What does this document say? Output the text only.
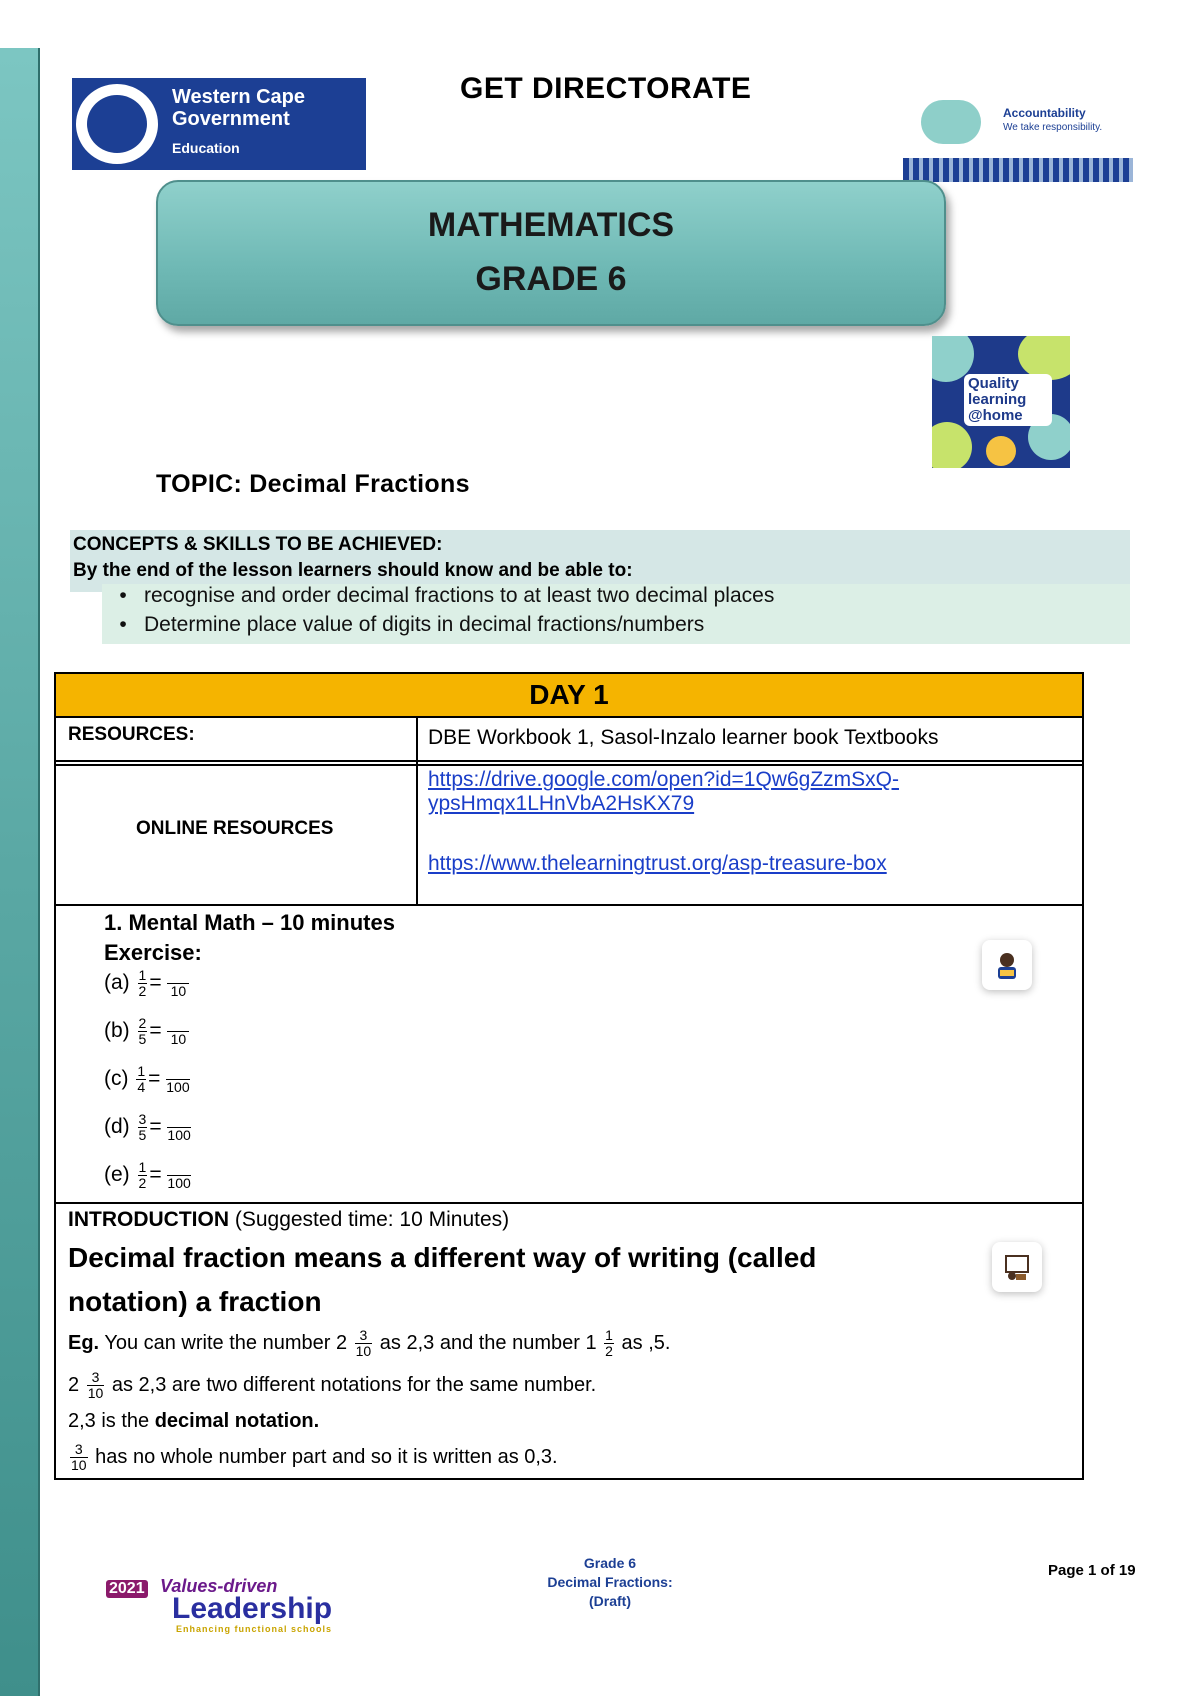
Western Cape
Government
Education
GET DIRECTORATE
Accountability
We take responsibility.
MATHEMATICS
GRADE 6
Quality learning @home
TOPIC: Decimal Fractions
CONCEPTS & SKILLS TO BE ACHIEVED:
By the end of the lesson learners should know and be able to:
• recognise and order decimal fractions to at least two decimal places
• Determine place value of digits in decimal fractions/numbers
DAY 1
RESOURCES:	DBE Workbook 1, Sasol-Inzalo learner book Textbooks
ONLINE RESOURCES
https://drive.google.com/open?id=1Qw6gZzmSxQ-
ypsHmqx1LHnVbA2HsKX79
https://www.thelearningtrust.org/asp-treasure-box
1. Mental Math – 10 minutes
Exercise:
$(a) \frac{1}{2} = 10$
$(b) \frac{2}{5} = 10$
$(c) \frac{1}{4} = 100$
$(d) \frac{3}{5} = 100$
$(e) \frac{1}{2} = 100$
INTRODUCTION (Suggested time: 10 Minutes)
Decimal fraction means a different way of writing (called
notation) a fraction
Eg. You can write the number $2 \frac{3}{10}$ as 2,3 and the number $1 \frac{1}{2}$ as ,5.
$2 \frac{3}{10}$ as 2,3 are two different notations for the same number.
2,3 is the decimal notation.
$\frac{3}{10}$ has no whole number part and so it is written as 0,3.
2021 Values-driven
Leadership
Enhancing functional schools
Grade 6
Decimal Fractions:
(Draft)
Page 1 of 19
